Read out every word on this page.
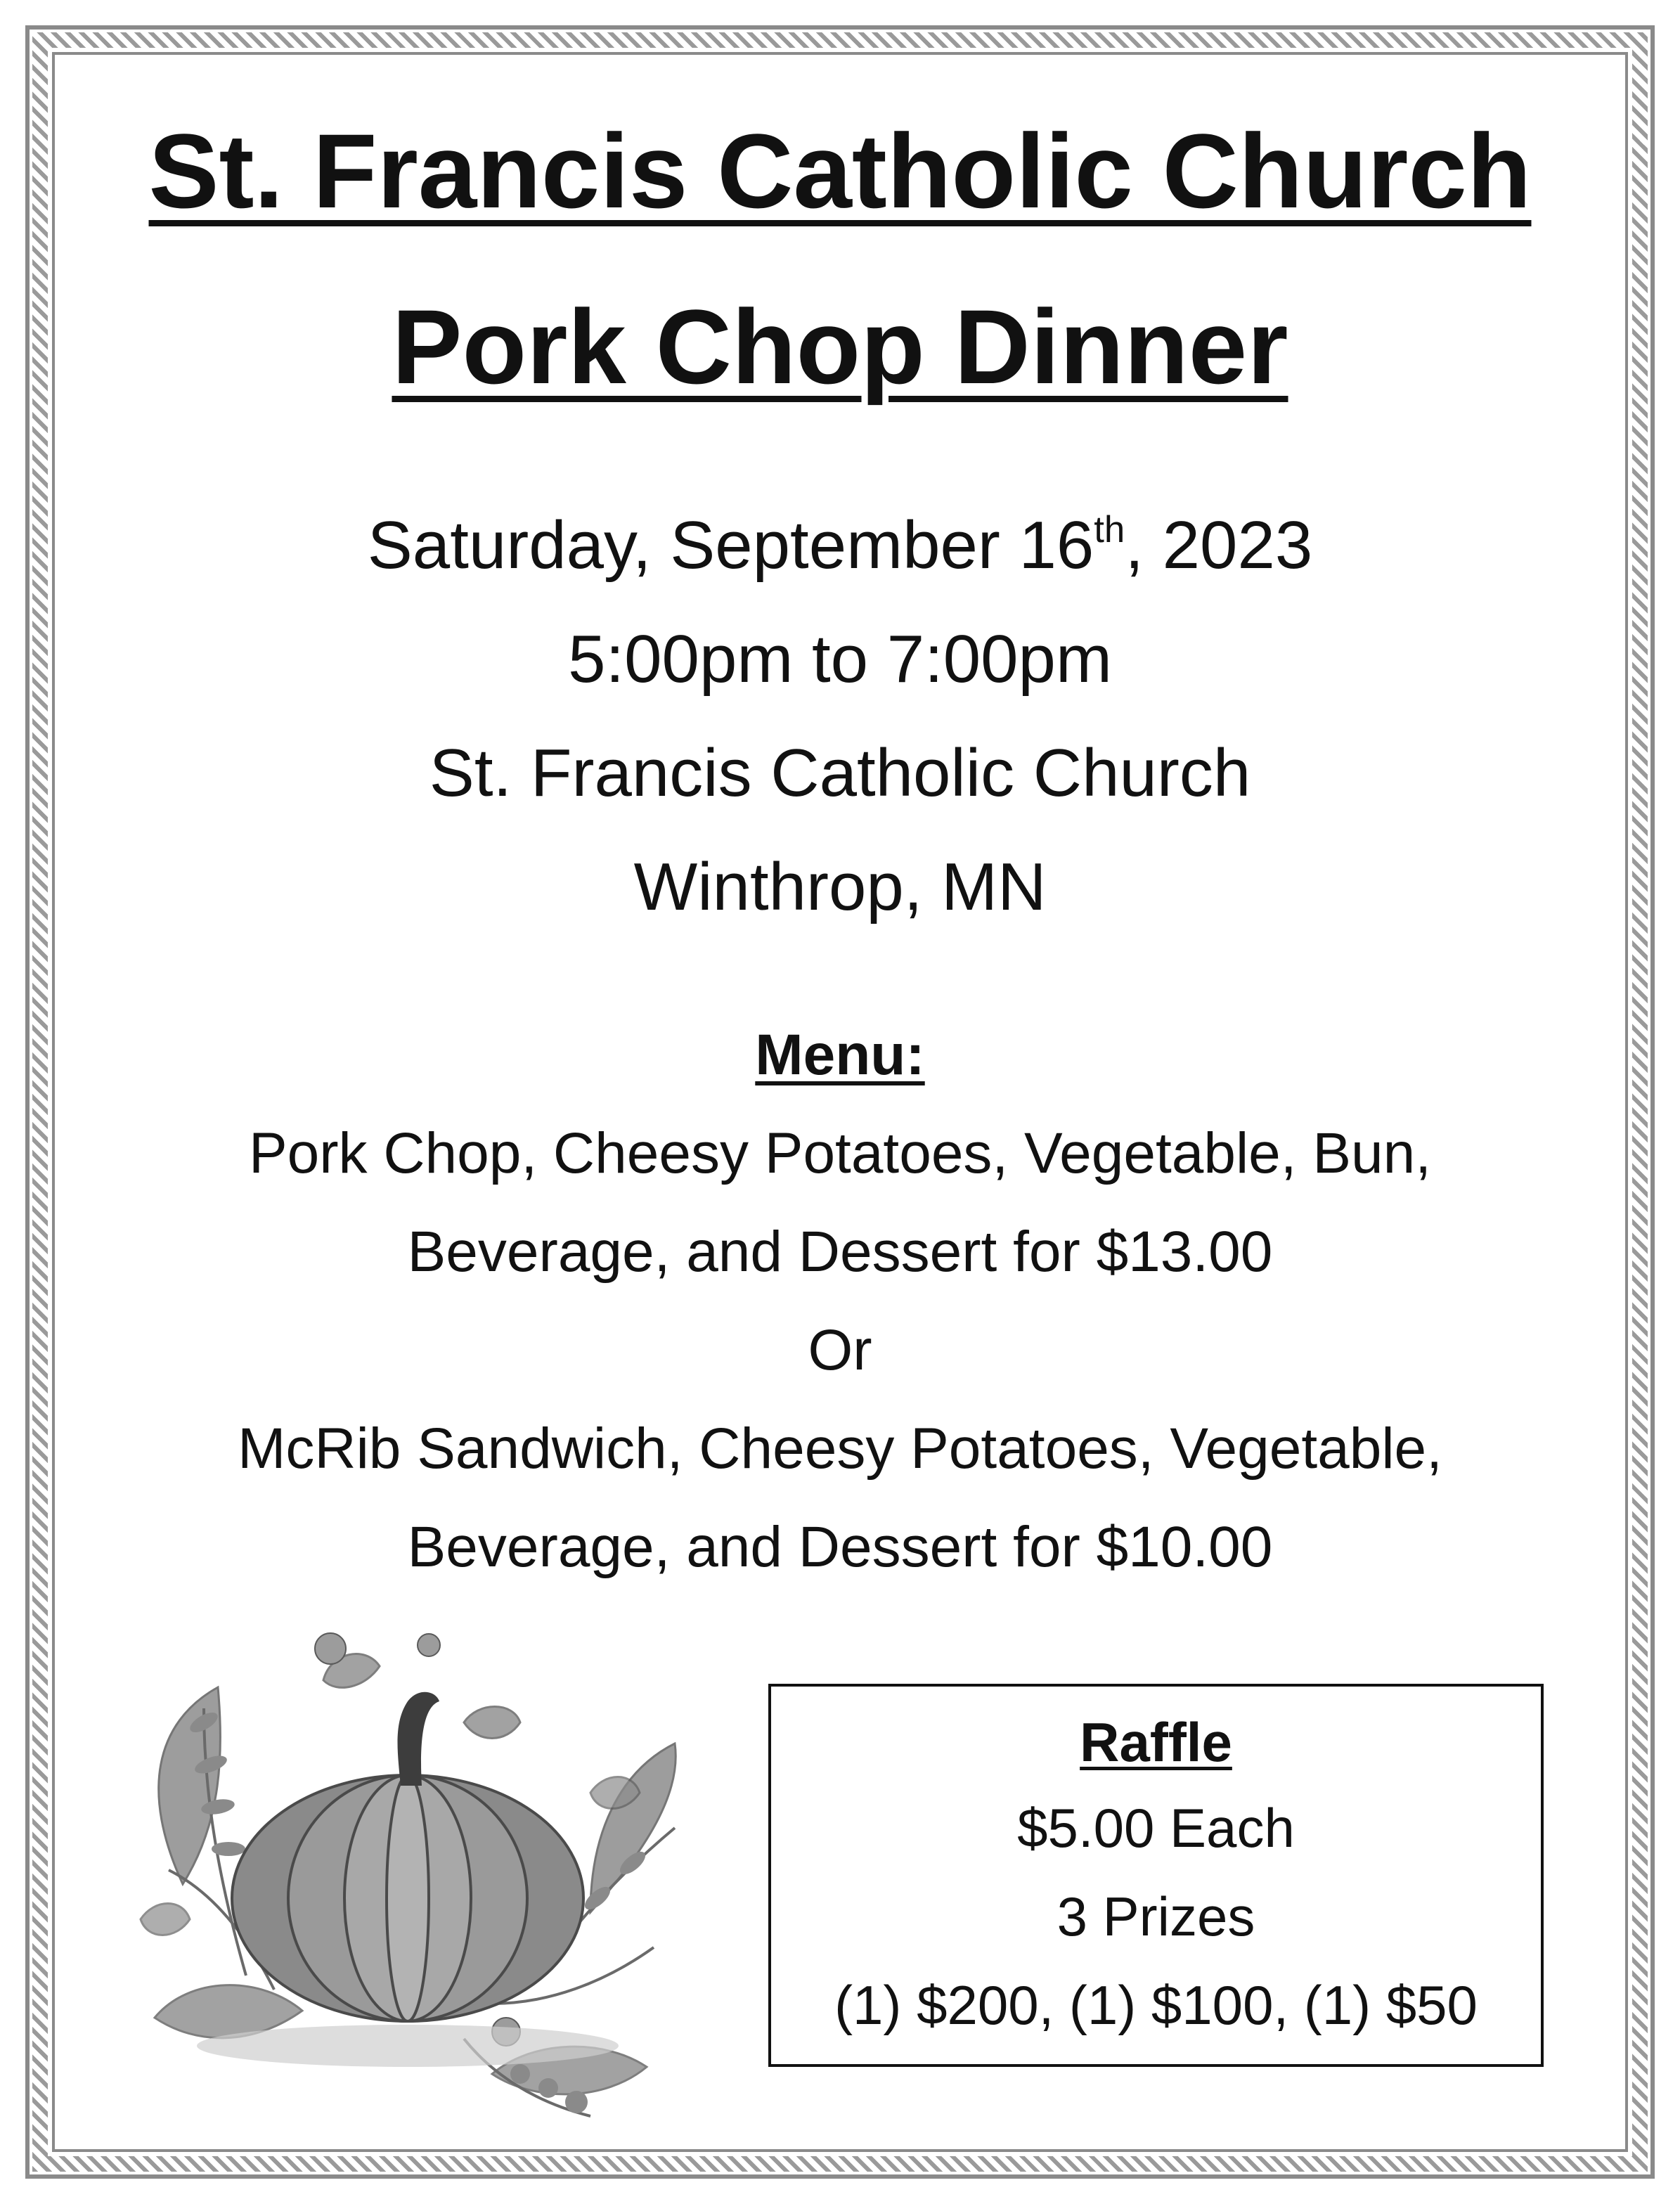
St. Francis Catholic Church
Pork Chop Dinner
Saturday, September 16th, 2023
5:00pm to 7:00pm
St. Francis Catholic Church
Winthrop, MN
Menu:
Pork Chop, Cheesy Potatoes, Vegetable, Bun,
Beverage, and Dessert for $13.00
Or
McRib Sandwich, Cheesy Potatoes, Vegetable,
Beverage, and Dessert for $10.00
Raffle
$5.00 Each
3 Prizes
(1) $200, (1) $100, (1) $50
